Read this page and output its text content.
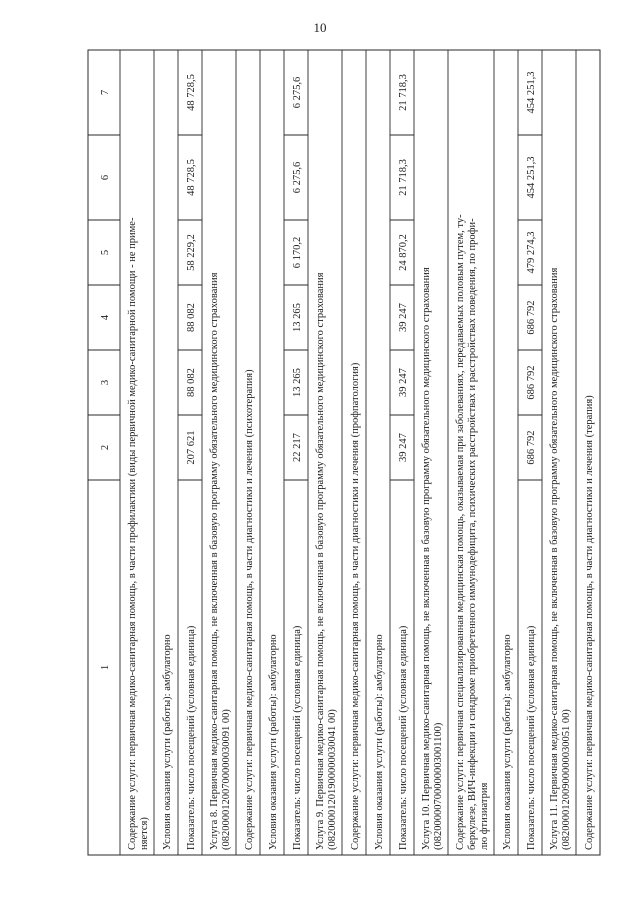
10
1
2
3
4
5
6
7
Содержание услуги: первичная медико-санитарная помощь, в части профилактики (виды первичной медико-санитарной помощи - не приме- няется) Условия оказания услуги (работы): амбулаторно Показатель: число посещений (условная единица)
207 621
88 082
88 082
58 229,2
48 728,5
48 728,5
Услуга 8. Первичная медико-санитарная помощь, не включенная в базовую программу обязательного медицинского страхования (08200001200700000030091 00) Содержание услуги: первичная медико-санитарная помощь, в части диагностики и лечения (психотерапия) Условия оказания услуги (работы): амбулаторно Показатель: число посещений (условная единица)
22 217
13 265
13 265
6 170,2
6 275,6
6 275,6
Услуга 9. Первичная медико-санитарная помощь, не включенная в базовую программу обязательного медицинского страхования (08200001201900000030041 00) Содержание услуги: первичная медико-санитарная помощь, в части диагностики и лечения (профпатология) Условия оказания услуги (работы): амбулаторно Показатель: число посещений (условная единица)
39 247
39 247
39 247
24 870,2
21 718,3
21 718,3
Услуга 10. Первичная медико-санитарная помощь, не включенная в базовую программу обязательного медицинского страхования (08200000700000003001100) Содержание услуги: первичная специализированная медицинская помощь, оказываемая при заболеваниях, передаваемых половым путем, ту- беркулезе, ВИЧ-инфекции и синдроме приобретенного иммунодефицита, психических расстройствах и расстройствах поведения, по профи- лю фтизиатрия Условия оказания услуги (работы): амбулаторно Показатель: число посещений (условная единица)
686 792
686 792
686 792
479 274,3
454 251,3
454 251,3
Услуга 11. Первичная медико-санитарная помощь, не включенная в базовую программу обязательного медицинского страхования (08200001200900000030051 00) Содержание услуги: первичная медико-санитарная помощь, в части диагностики и лечения (терапия)
